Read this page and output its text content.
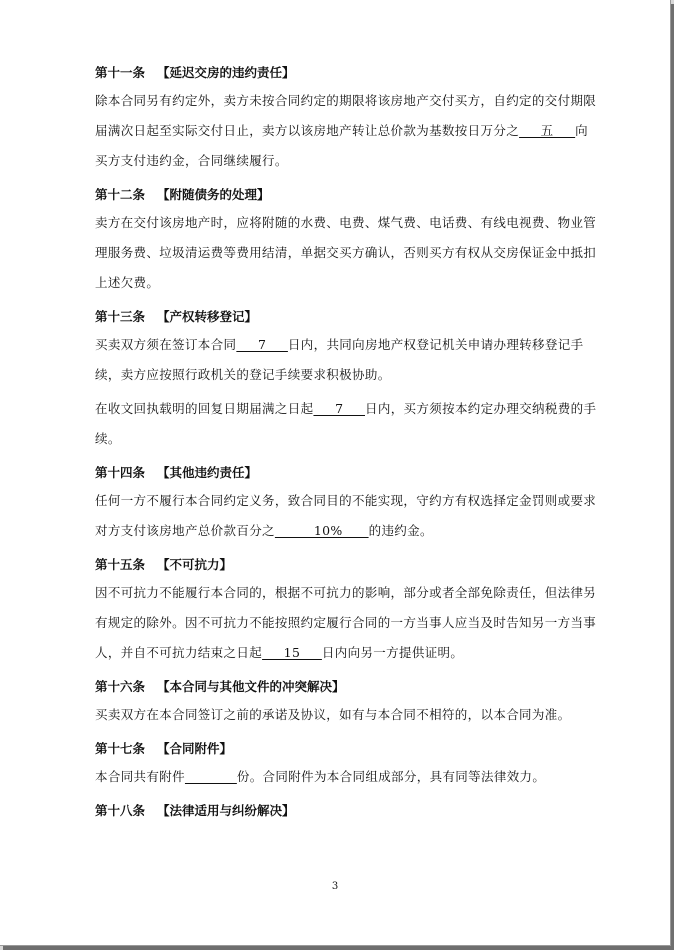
第十一条 【延迟交房的违约责任】
除本合同另有约定外，卖方未按合同约定的期限将该房地产交付买方，自约定的交付期限届满次日起至实际交付日止，卖方以该房地产转让总价款为基数按日万分之     五     向买方支付违约金，合同继续履行。
第十二条 【附随债务的处理】
卖方在交付该房地产时，应将附随的水费、电费、煤气费、电话费、有线电视费、物业管理服务费、垃圾清运费等费用结清，单据交买方确认，否则买方有权从交房保证金中抵扣上述欠费。
第十三条 【产权转移登记】
买卖双方须在签订本合同     7     日内，共同向房地产权登记机关申请办理转移登记手续，卖方应按照行政机关的登记手续要求积极协助。
在收文回执载明的回复日期届满之日起     7     日内，买方须按本约定办理交纳税费的手续。
第十四条 【其他违约责任】
任何一方不履行本合同约定义务，致合同目的不能实现，守约方有权选择定金罚则或要求对方支付该房地产总价款百分之         10%      的违约金。
第十五条 【不可抗力】
因不可抗力不能履行本合同的，根据不可抗力的影响，部分或者全部免除责任，但法律另有规定的除外。因不可抗力不能按照约定履行合同的一方当事人应当及时告知另一方当事人，并自不可抗力结束之日起     15     日内向另一方提供证明。
第十六条 【本合同与其他文件的冲突解决】
买卖双方在本合同签订之前的承诺及协议，如有与本合同不相符的，以本合同为准。
第十七条 【合同附件】
本合同共有附件	份。合同附件为本合同组成部分，具有同等法律效力。
第十八条 【法律适用与纠纷解决】
3
